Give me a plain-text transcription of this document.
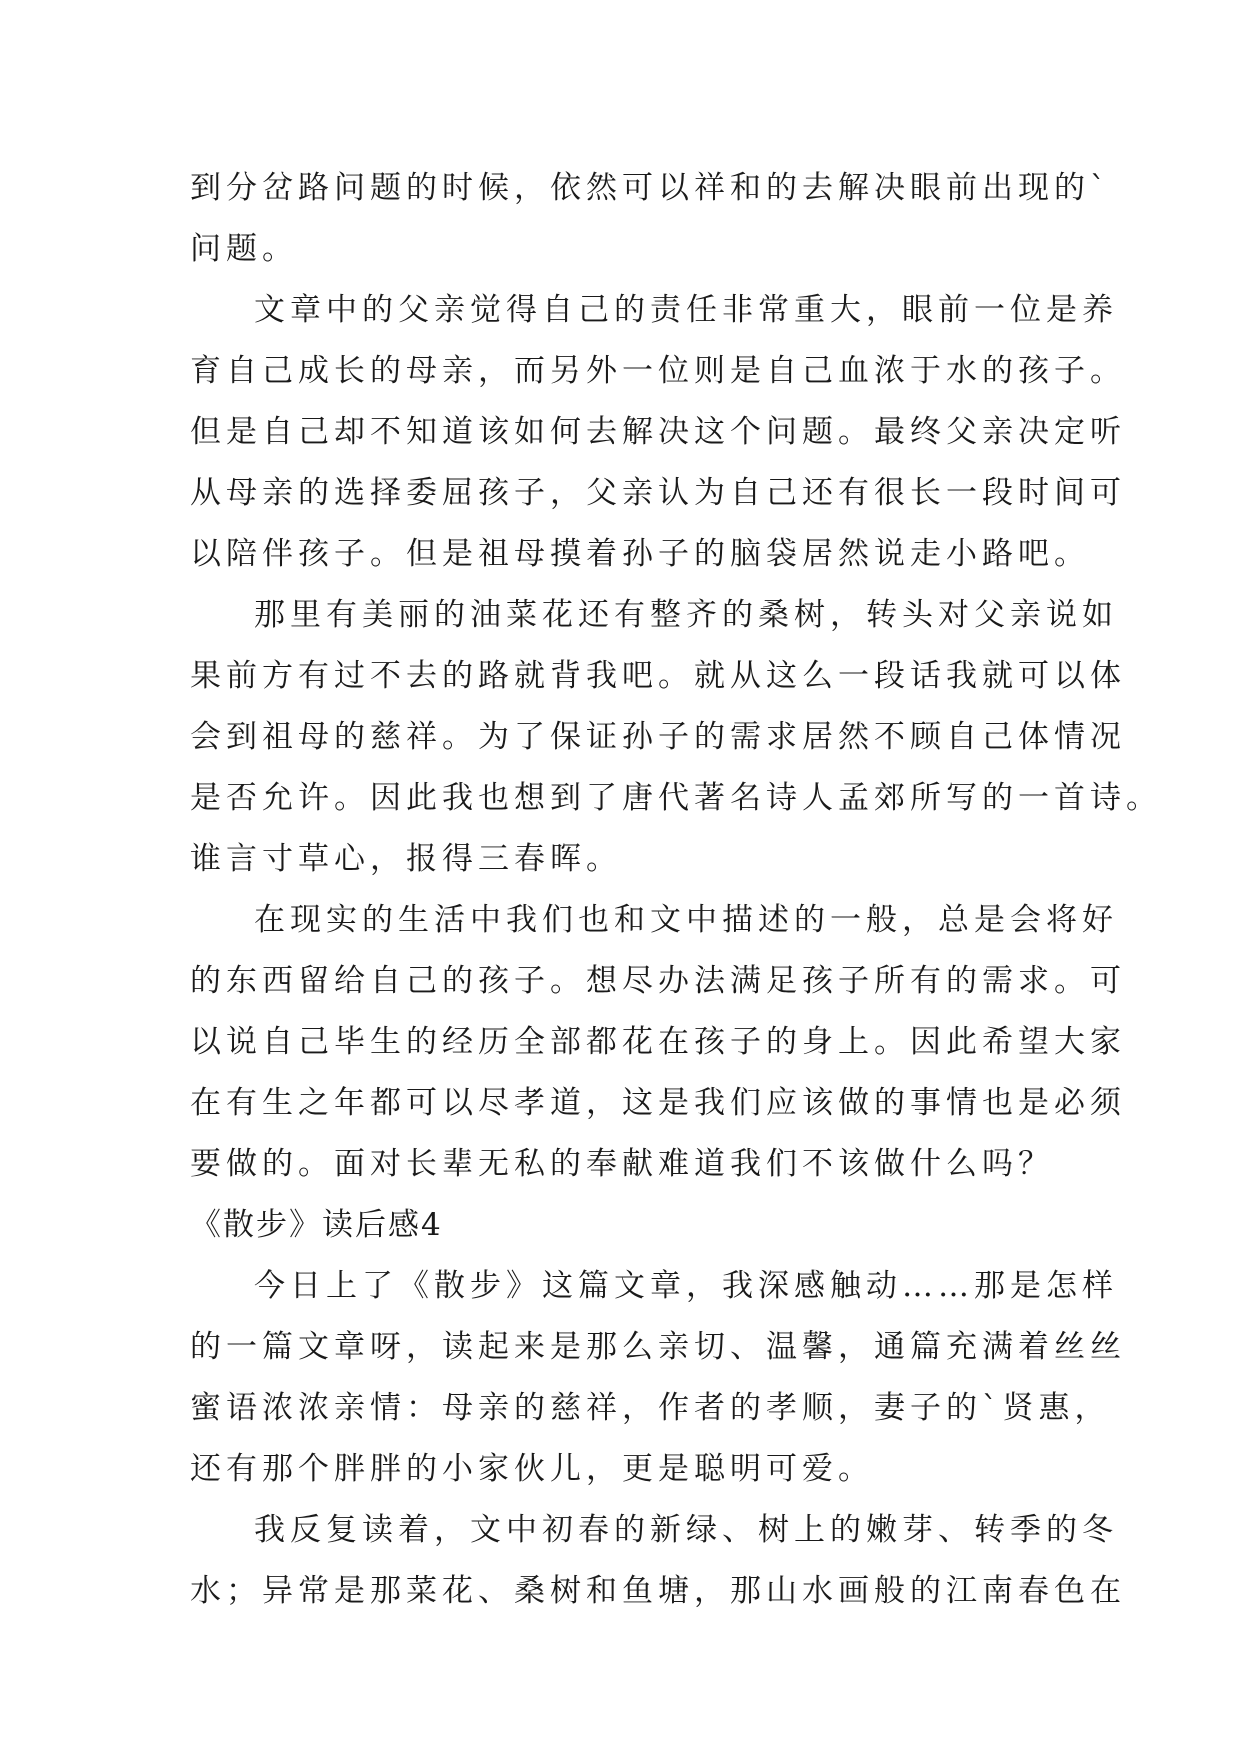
到分岔路问题的时候，依然可以祥和的去解决眼前出现的`
问题。
文章中的父亲觉得自己的责任非常重大，眼前一位是养
育自己成长的母亲，而另外一位则是自己血浓于水的孩子。
但是自己却不知道该如何去解决这个问题。最终父亲决定听
从母亲的选择委屈孩子，父亲认为自己还有很长一段时间可
以陪伴孩子。但是祖母摸着孙子的脑袋居然说走小路吧。
那里有美丽的油菜花还有整齐的桑树，转头对父亲说如
果前方有过不去的路就背我吧。就从这么一段话我就可以体
会到祖母的慈祥。为了保证孙子的需求居然不顾自己体情况
是否允许。因此我也想到了唐代著名诗人孟郊所写的一首诗。
谁言寸草心，报得三春晖。
在现实的生活中我们也和文中描述的一般，总是会将好
的东西留给自己的孩子。想尽办法满足孩子所有的需求。可
以说自己毕生的经历全部都花在孩子的身上。因此希望大家
在有生之年都可以尽孝道，这是我们应该做的事情也是必须
要做的。面对长辈无私的奉献难道我们不该做什么吗？
《散步》读后感4
今日上了《散步》这篇文章，我深感触动……那是怎样
的一篇文章呀，读起来是那么亲切、温馨，通篇充满着丝丝
蜜语浓浓亲情：母亲的慈祥，作者的孝顺，妻子的`贤惠，
还有那个胖胖的小家伙儿，更是聪明可爱。
我反复读着，文中初春的新绿、树上的嫩芽、转季的冬
水；异常是那菜花、桑树和鱼塘，那山水画般的江南春色在
